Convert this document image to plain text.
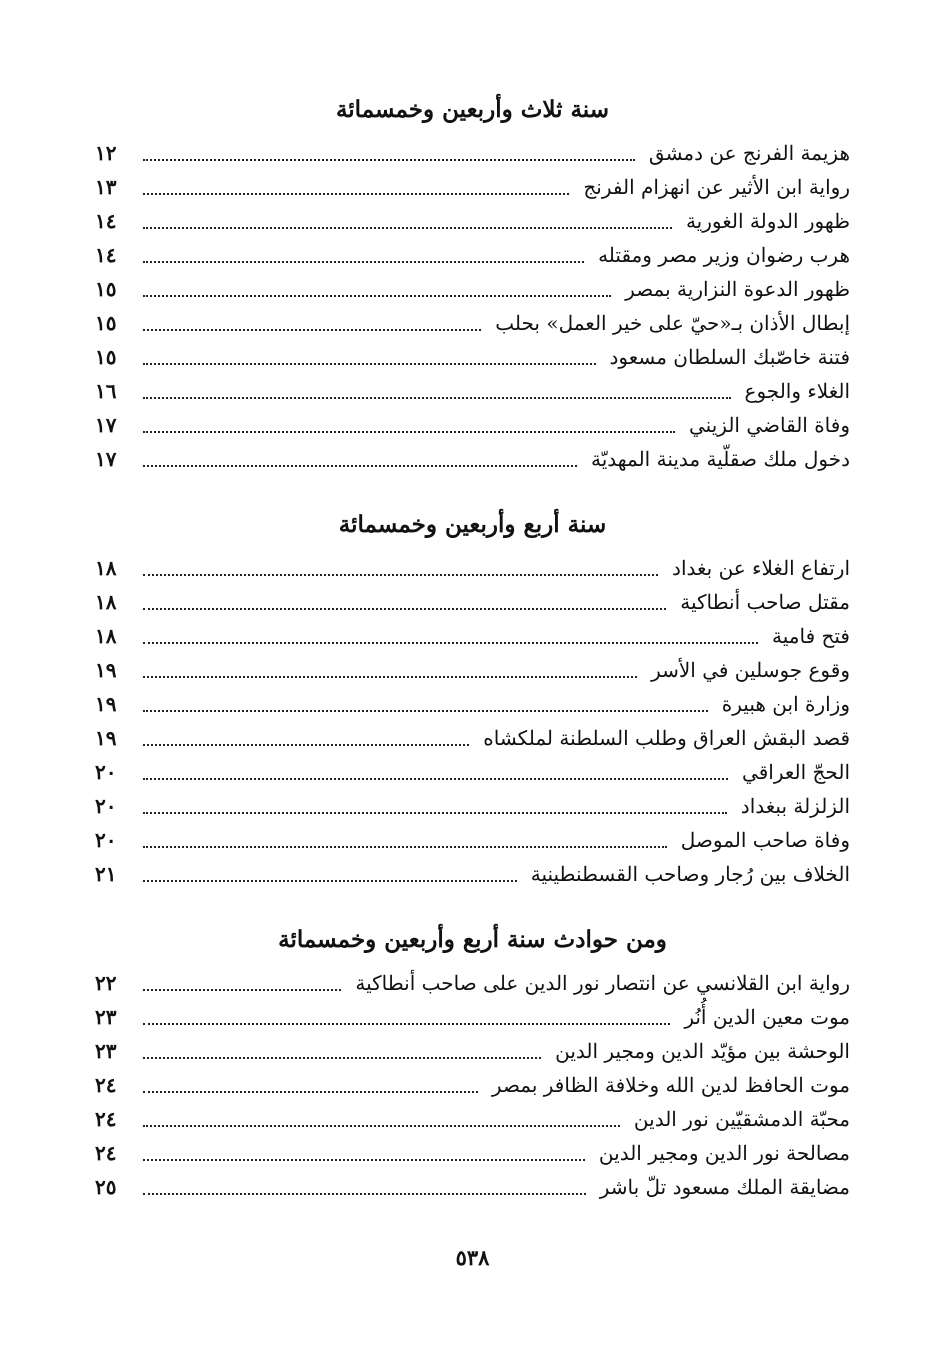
سنة ثلاث وأربعين وخمسمائة
هزيمة الفرنج عن دمشق
١٢
رواية ابن الأثير عن انهزام الفرنج
١٣
ظهور الدولة الغورية
١٤
هرب رضوان وزير مصر ومقتله
١٤
ظهور الدعوة النزارية بمصر
١٥
إبطال الأذان بـ«حيّ على خير العمل» بحلب
١٥
فتنة خاصّبك السلطان مسعود
١٥
الغلاء والجوع
١٦
وفاة القاضي الزيني
١٧
دخول ملك صقلّية مدينة المهديّة
١٧
سنة أربع وأربعين وخمسمائة
ارتفاع الغلاء عن بغداد
١٨
مقتل صاحب أنطاكية
١٨
فتح فامية
١٨
وقوع جوسلين في الأسر
١٩
وزارة ابن هبيرة
١٩
قصد البقش العراق وطلب السلطنة لملكشاه
١٩
الحجّ العراقي
٢٠
الزلزلة ببغداد
٢٠
وفاة صاحب الموصل
٢٠
الخلاف بين رُجار وصاحب القسطنطينية
٢١
ومن حوادث سنة أربع وأربعين وخمسمائة
رواية ابن القلانسي عن انتصار نور الدين على صاحب أنطاكية
٢٢
موت معين الدين أُنُر
٢٣
الوحشة بين مؤيّد الدين ومجير الدين
٢٣
موت الحافظ لدين الله وخلافة الظافر بمصر
٢٤
محبّة الدمشقيّين نور الدين
٢٤
مصالحة نور الدين ومجير الدين
٢٤
مضايقة الملك مسعود تلّ باشر
٢٥
٥٣٨
